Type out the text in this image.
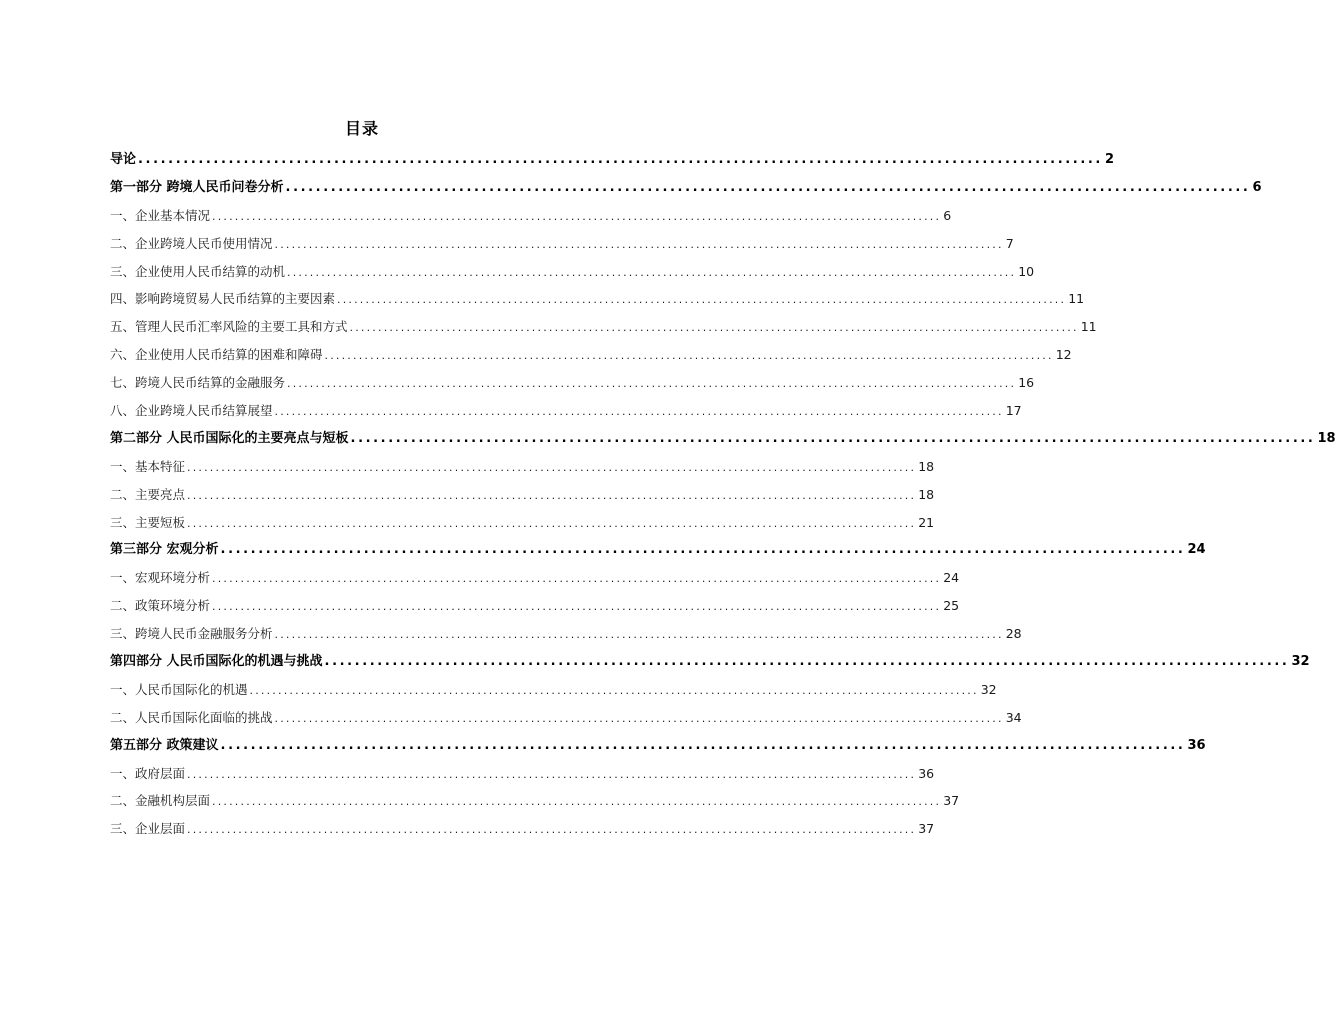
目录
导论 ................................................................................................................................ 2
第一部分 跨境人民币问卷分析 ................................................................................................................................ 6
一、企业基本情况 ................................................................................................................................ 6
二、企业跨境人民币使用情况 ................................................................................................................................ 7
三、企业使用人民币结算的动机 ................................................................................................................................ 10
四、影响跨境贸易人民币结算的主要因素 ................................................................................................................................ 11
五、管理人民币汇率风险的主要工具和方式 ................................................................................................................................ 11
六、企业使用人民币结算的困难和障碍 ................................................................................................................................ 12
七、跨境人民币结算的金融服务 ................................................................................................................................ 16
八、企业跨境人民币结算展望 ................................................................................................................................ 17
第二部分 人民币国际化的主要亮点与短板 ................................................................................................................................ 18
一、基本特征 ................................................................................................................................ 18
二、主要亮点 ................................................................................................................................ 18
三、主要短板 ................................................................................................................................ 21
第三部分 宏观分析 ................................................................................................................................ 24
一、宏观环境分析 ................................................................................................................................ 24
二、政策环境分析 ................................................................................................................................ 25
三、跨境人民币金融服务分析 ................................................................................................................................ 28
第四部分 人民币国际化的机遇与挑战 ................................................................................................................................ 32
一、人民币国际化的机遇 ................................................................................................................................ 32
二、人民币国际化面临的挑战 ................................................................................................................................ 34
第五部分 政策建议 ................................................................................................................................ 36
一、政府层面 ................................................................................................................................ 36
二、金融机构层面 ................................................................................................................................ 37
三、企业层面 ................................................................................................................................ 37
